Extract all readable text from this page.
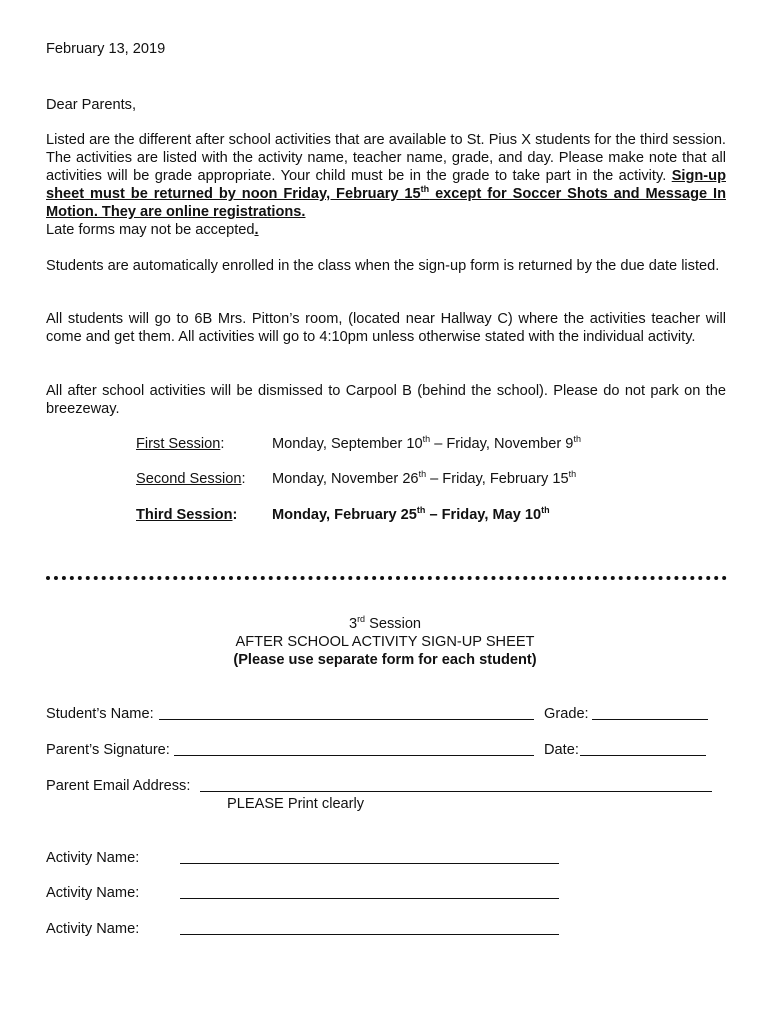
February 13, 2019
Dear Parents,

Listed are the different after school activities that are available to St. Pius X students for the third session. The activities are listed with the activity name, teacher name, grade, and day. Please make note that all activities will be grade appropriate. Your child must be in the grade to take part in the activity. Sign-up sheet must be returned by noon Friday, February 15th except for Soccer Shots and Message In Motion. They are online registrations.
Late forms may not be accepted.

Students are automatically enrolled in the class when the sign-up form is returned by the due date listed.

All students will go to 6B Mrs. Pitton’s room, (located near Hallway C) where the activities teacher will come and get them. All activities will go to 4:10pm unless otherwise stated with the individual activity.

All after school activities will be dismissed to Carpool B (behind the school). Please do not park on the breezeway.

First Session:	Monday, September 10th – Friday, November 9th
Second Session: Monday, November 26th – Friday, February 15th
Third Session: Monday, February 25th – Friday, May 10th
3rd Session
AFTER SCHOOL ACTIVITY SIGN-UP SHEET
(Please use separate form for each student)
Student’s Name:	Grade:
Parent’s Signature:	Date:
Parent Email Address:
PLEASE Print clearly
Activity Name:
Activity Name:
Activity Name:
